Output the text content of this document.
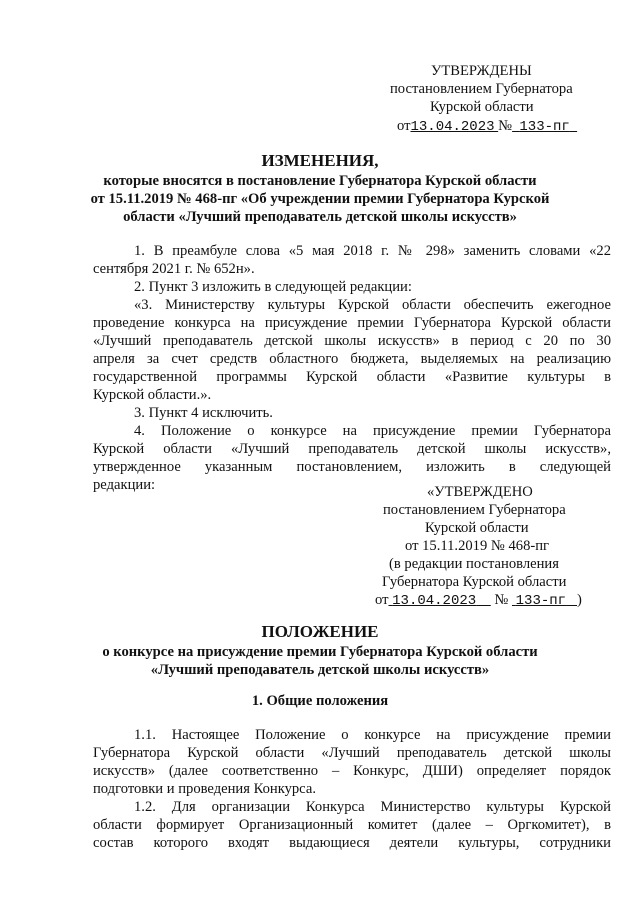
УТВЕРЖДЕНЫ
постановлением Губернатора
Курской области
от13.04.2023 № 133-пг
ИЗМЕНЕНИЯ,
которые вносятся в постановление Губернатора Курской области
от 15.11.2019 № 468-пг «Об учреждении премии Губернатора Курской
области «Лучший преподаватель детской школы искусств»
1. В преамбуле слова «5 мая 2018 г. № 298» заменить словами «22
сентября 2021 г. № 652н».
2. Пункт 3 изложить в следующей редакции:
«3. Министерству культуры Курской области обеспечить ежегодное
проведение конкурса на присуждение премии Губернатора Курской области
«Лучший преподаватель детской школы искусств» в период с 20 по 30
апреля за счет средств областного бюджета, выделяемых на реализацию
государственной программы Курской области «Развитие культуры в
Курской области.».
3. Пункт 4 исключить.
4. Положение о конкурсе на присуждение премии Губернатора
Курской области «Лучший преподаватель детской школы искусств»,
утвержденное указанным постановлением, изложить в следующей
редакции:	«УТВЕРЖДЕНО
постановлением Губернатора
Курской области
от 15.11.2019 № 468-пг
(в редакции постановления
Губернатора Курской области
от 13.04.2023 № 133-пг )
ПОЛОЖЕНИЕ
о конкурсе на присуждение премии Губернатора Курской области
«Лучший преподаватель детской школы искусств»
1. Общие положения
1.1. Настоящее Положение о конкурсе на присуждение премии
Губернатора Курской области «Лучший преподаватель детской школы
искусств» (далее соответственно – Конкурс, ДШИ) определяет порядок
подготовки и проведения Конкурса.
1.2. Для организации Конкурса Министерство культуры Курской
области формирует Организационный комитет (далее – Оргкомитет), в
состав которого входят выдающиеся деятели культуры, сотрудники
